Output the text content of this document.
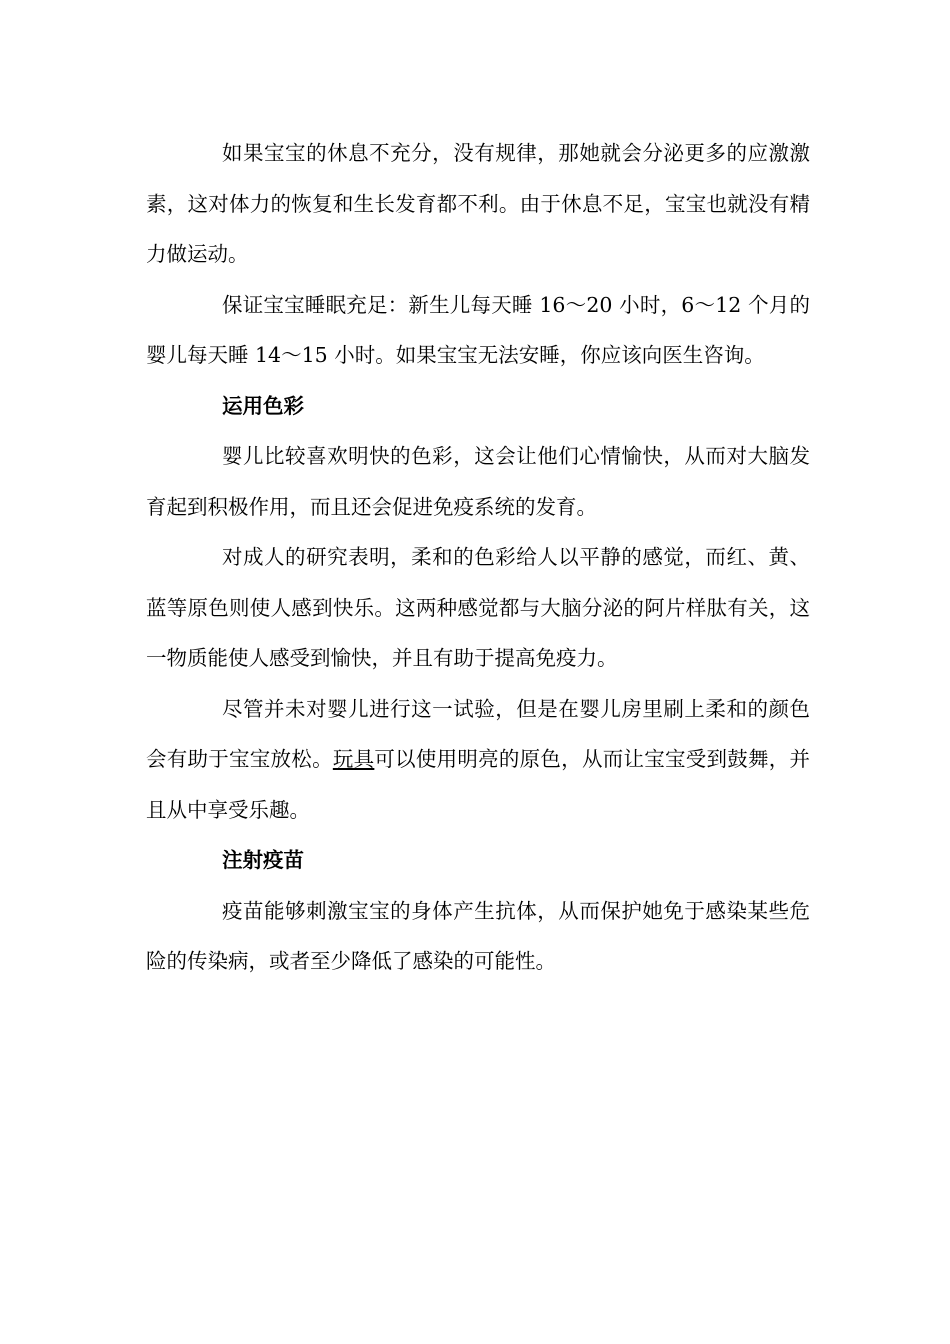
如果宝宝的休息不充分，没有规律，那她就会分泌更多的应激激素，这对体力的恢复和生长发育都不利。由于休息不足，宝宝也就没有精力做运动。

保证宝宝睡眠充足：新生儿每天睡 16～20 小时，6～12 个月的婴儿每天睡 14～15 小时。如果宝宝无法安睡，你应该向医生咨询。

运用色彩

婴儿比较喜欢明快的色彩，这会让他们心情愉快，从而对大脑发育起到积极作用，而且还会促进免疫系统的发育。

对成人的研究表明，柔和的色彩给人以平静的感觉，而红、黄、蓝等原色则使人感到快乐。这两种感觉都与大脑分泌的阿片样肽有关，这一物质能使人感受到愉快，并且有助于提高免疫力。

尽管并未对婴儿进行这一试验，但是在婴儿房里刷上柔和的颜色会有助于宝宝放松。玩具可以使用明亮的原色，从而让宝宝受到鼓舞，并且从中享受乐趣。

注射疫苗

疫苗能够刺激宝宝的身体产生抗体，从而保护她免于感染某些危险的传染病，或者至少降低了感染的可能性。
